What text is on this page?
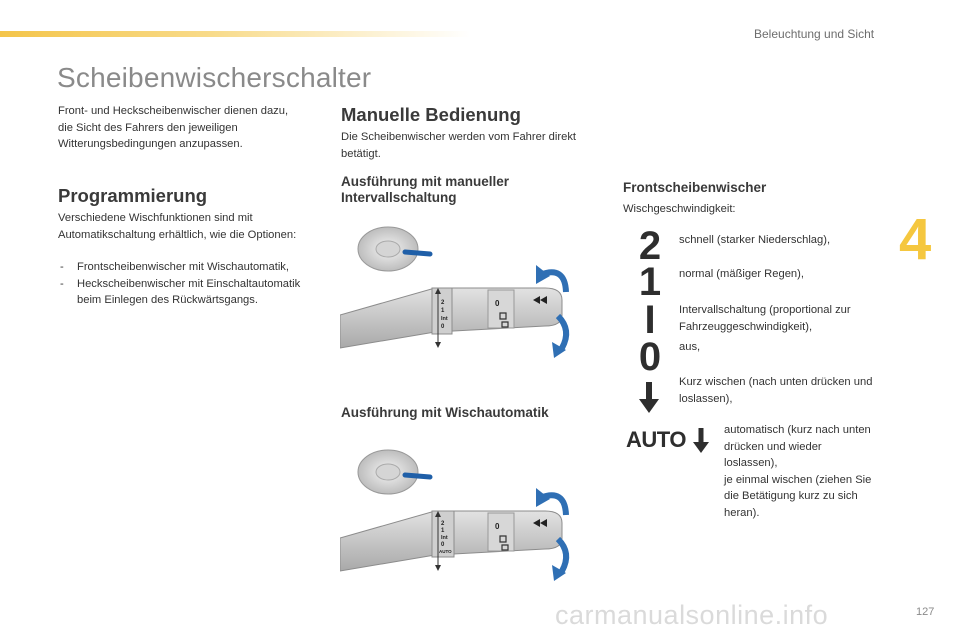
Beleuchtung und Sicht
Scheibenwischerschalter

Front- und Heckscheibenwischer dienen dazu, die Sicht des Fahrers den jeweiligen Witterungsbedingungen anzupassen.

Programmierung

Verschiedene Wischfunktionen sind mit Automatikschaltung erhältlich, wie die Optionen:

- Frontscheibenwischer mit Wischautomatik,
- Heckscheibenwischer mit Einschaltautomatik beim Einlegen des Rückwärtsgangs.
Manuelle Bedienung

Die Scheibenwischer werden vom Fahrer direkt betätigt.

Ausführung mit manueller
Intervallschaltung
2
1
Int
0
0
Ausführung mit Wischautomatik
2
1
Int
0
AUTO
0
Frontscheibenwischer

Wischgeschwindigkeit:

2 schnell (starker Niederschlag),

1 normal (mäßiger Regen),

I Intervallschaltung (proportional zur Fahrzeuggeschwindigkeit),

0 aus,

Kurz wischen (nach unten drücken und loslassen),

AUTO	automatisch (kurz nach unten drücken und wieder loslassen),
je einmal wischen (ziehen Sie die Betätigung kurz zu sich heran).

4
carmanualsonline.info	127
